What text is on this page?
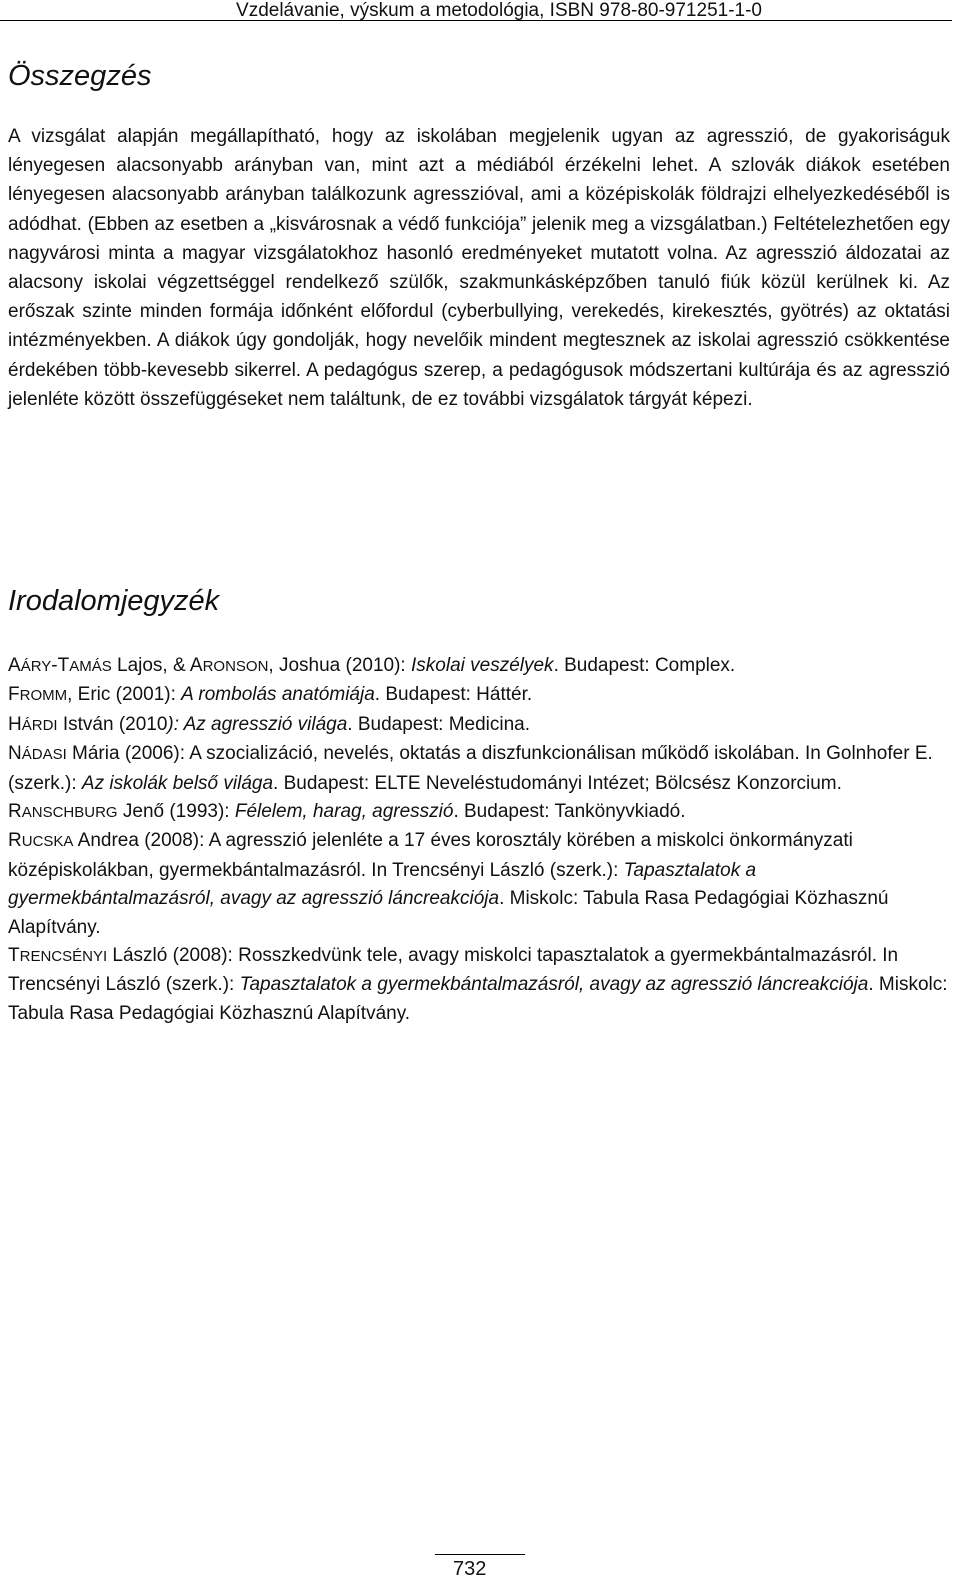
Vzdelávanie, výskum a metodológia, ISBN 978-80-971251-1-0
Összegzés

A vizsgálat alapján megállapítható, hogy az iskolában megjelenik ugyan az agresszió, de gyakoriságuk lényegesen alacsonyabb arányban van, mint azt a médiából érzékelni lehet. A szlovák diákok esetében lényegesen alacsonyabb arányban találkozunk agresszióval, ami a középiskolák földrajzi elhelyezkedéséből is adódhat. (Ebben az esetben a „kisvárosnak a védő funkciója” jelenik meg a vizsgálatban.) Feltételezhetően egy nagyvárosi minta a magyar vizsgálatokhoz hasonló eredményeket mutatott volna. Az agresszió áldozatai az alacsony iskolai végzettséggel rendelkező szülők, szakmunkásképzőben tanuló fiúk közül kerülnek ki. Az erőszak szinte minden formája időnként előfordul (cyberbullying, verekedés, kirekesztés, gyötrés) az oktatási intézményekben. A diákok úgy gondolják, hogy nevelőik mindent megtesznek az iskolai agresszió csökkentése érdekében több-kevesebb sikerrel. A pedagógus szerep, a pedagógusok módszertani kultúrája és az agresszió jelenléte között összefüggéseket nem találtunk, de ez további vizsgálatok tárgyát képezi.

Irodalomjegyzék

AÁRY-TAMÁS Lajos, & ARONSON, Joshua (2010): Iskolai veszélyek. Budapest: Complex.

FROMM, Eric (2001): A rombolás anatómiája. Budapest: Háttér.

HÁRDI István (2010): Az agresszió világa. Budapest: Medicina.

NÁDASI Mária (2006): A szocializáció, nevelés, oktatás a diszfunkcionálisan működő iskolában. In Golnhofer E. (szerk.): Az iskolák belső világa. Budapest: ELTE Neveléstudományi Intézet; Bölcsész Konzorcium.

RANSCHBURG Jenő (1993): Félelem, harag, agresszió. Budapest: Tankönyvkiadó.

RUCSKA Andrea (2008): A agresszió jelenléte a 17 éves korosztály körében a miskolci önkormányzati középiskolákban, gyermekbántalmazásról. In Trencsényi László (szerk.): Tapasztalatok a gyermekbántalmazásról, avagy az agresszió láncreakciója. Miskolc: Tabula Rasa Pedagógiai Közhasznú Alapítvány.

TRENCSÉNYI László (2008): Rosszkedvünk tele, avagy miskolci tapasztalatok a gyermekbántalmazásról. In Trencsényi László (szerk.): Tapasztalatok a gyermekbántalmazásról, avagy az agresszió láncreakciója. Miskolc: Tabula Rasa Pedagógiai Közhasznú Alapítvány.

732
